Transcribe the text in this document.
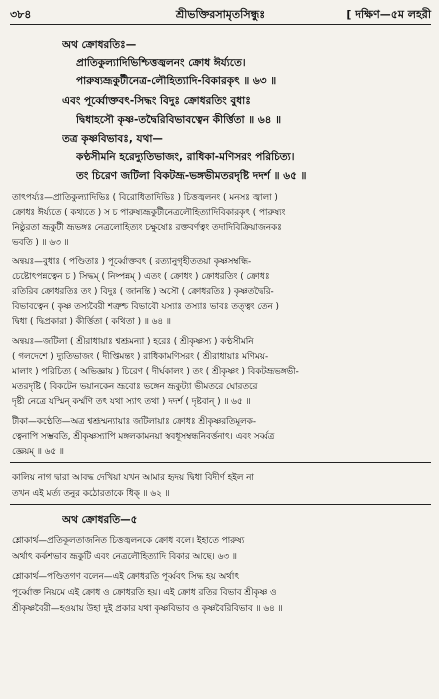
৩৮৪	শ্রীভক্তিরসামৃতসিন্ধুঃ	[ দক্ষিণ—৫ম লহরী
অথ ক্রোধরতিঃ—
প্রাতিকুল্যাদিভিশ্চিত্তজ্বলনং ক্রোধ ঈর্য্যতে।
পারুষ্যভ্রূকুটীনেত্র-লৌহিত্যাদি-বিকারকৃৎ ॥ ৬৩ ॥
এবং পূর্ব্বোক্তবৎ-সিদ্ধং বিদুঃ ক্রোধরতিং বুধাঃ
দ্বিধাহসৌ কৃষ্ণ-তদ্বৈরিবিভাবত্বেন কীর্ত্তিতা ॥ ৬৪ ॥
তত্র কৃষ্ণবিভাবঃ, যথা—
কণ্ঠসীমনি হরেদ্যুতিভাজং, রাধিকা-মণিসরং পরিচিত্য।
তং চিরেণ জটিলা বিকটভ্রূ-ভঙ্গভীমতরদৃষ্টি দদর্শ ॥ ৬৫ ॥
তাৎপর্য্যঃ—প্রাতিকুল্যাদিভিঃ ( বিরোধিতাদিভিঃ ) চিত্তজ্বলনং ( মনসঃ জ্বালা )
ক্রোধঃ ঈর্য্যতে ( কথ্যতে ) স চ পারুষ্যভ্রূকুটীনেত্রলৌহিত্যাদিবিকারকৃৎ ( পারুষ্যং
নিষ্ঠুরতা ভ্রূকুটী ভ্রূভঙ্গঃ নেত্রলোহিত্যং চক্ষুষোঃ রক্তবর্ণত্বং তদাদিবিক্রিয়াজনকঃ
ভবতি ) ॥ ৬৩ ॥
অন্বয়ঃ—বুধাঃ ( পণ্ডিতাঃ ) পূর্ব্বোক্তবৎ ( রত্যানুগৃহীততয়া কৃষ্ণসম্বন্ধি-
চেষ্টোৎপন্নত্বেন চ ) সিদ্ধম্ ( নিষ্পন্নম্ ) এতং ( ক্রোধং ) ক্রোধরতিং ( ক্রোধঃ
রতিরিব ক্রোধরতিঃ তং ) বিদুঃ ( জানন্তি ) অসৌ ( ক্রোধরতিঃ ) কৃষ্ণতদ্বৈরি-
বিভাবত্বেন ( কৃষ্ণ তস্যবৈরী শত্রুশ্চ বিভাবৌ যস্যাঃ তস্যাঃ ভাবঃ তত্ত্বং তেন )
দ্বিধা ( দ্বিপ্রকারা ) কীর্ত্তিতা ( কথিতা ) ॥ ৬৪ ॥
অন্বয়ঃ—জটিলা ( শ্রীরাধায়াঃ শ্বশ্রূমন্যা ) হরেঃ ( শ্রীকৃষ্ণস্য ) কণ্ঠসীমনি
( গলদেশে ) দ্যুতিভাজং ( দীপ্তিমন্তং ) রাধিকামণিসরং ( শ্রীরাধায়াঃ মণিময়-
মালাং ) পরিচিত্য ( অভিজ্ঞায় ) চিরেণ ( দীর্ঘকালং ) তং ( শ্রীকৃষ্ণং ) বিকটভ্রূভঙ্গভী-
মতরদৃষ্টি ( বিকটেন ভয়ানকেন ভ্রূবোঃ ভঙ্গেন ভ্রূকুট্যা ভীমতরে ঘোরতরে
দৃষ্টী নেত্রে যস্মিন্ কর্ম্মণি তৎ যথা স্যাৎ তথা ) দদর্শ ( দৃষ্টবান্ ) ॥ ৬৫ ॥
টীকা—কণ্ঠেতি—অত্র শ্বশ্রূম্মন্যায়াঃ জটিলায়াঃ ক্রোধঃ শ্রীকৃষ্ণরতিমূলক-
ত্বেনাপি সম্ভবতি, শ্রীকৃষ্ণস্যাপি মঙ্গলকামনয়া স্ববধূসম্বন্ধনিবর্ত্তনাৎ। এবং সর্ব্বত্র
জ্ঞেয়ম্ ॥ ৬৫ ॥
কালিয় নাগ দ্বারা আবদ্ধ দেখিয়া যখন আমার হৃদয় দ্বিধা বিদীর্ণ হইল না
তখন এই মর্ত্য তনুর কঠোরতাকে ধিক্ ॥ ৬২ ॥
অথ ক্রোধরতি—৫
শ্লোকার্থ—প্রতিকূলতাজনিত চিত্তজ্বলনকে ক্রোধ বলে। ইহাতে পারুষ্য
অর্থাৎ কর্কশভাব ভ্রূকুটি এবং নেত্রলৌহিত্যাদি বিকার আছে। ৬৩ ॥
শ্লোকার্থ—পণ্ডিতগণ বলেন—এই ক্রোধরতি পূর্ব্ববৎ সিদ্ধ হয় অর্থাৎ
পূর্ব্বোক্ত নিয়মে এই ক্রোধ ও ক্রোধরতি হয়। এই ক্রোধ রতির বিভাব শ্রীকৃষ্ণ ও
শ্রীকৃষ্ণবৈরী—হওয়ায় উহা দুই প্রকার যথা কৃষ্ণবিভাব ও কৃষ্ণবৈরিবিভাব ॥ ৬৪ ॥
